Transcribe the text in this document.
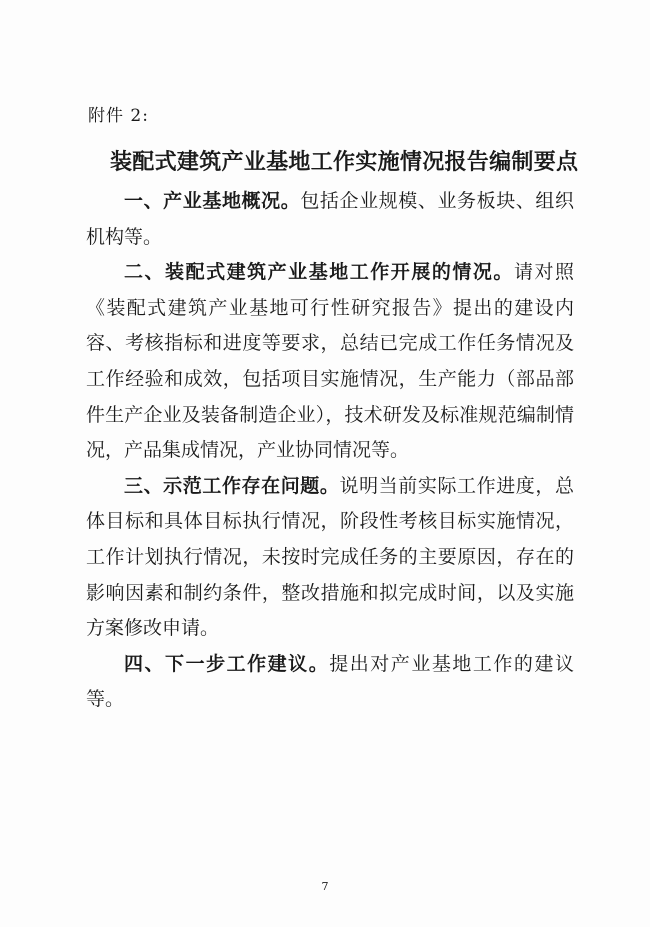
附件 2:
装配式建筑产业基地工作实施情况报告编制要点

一、产业基地概况。包括企业规模、业务板块、组织机构等。

二、装配式建筑产业基地工作开展的情况。请对照《装配式建筑产业基地可行性研究报告》提出的建设内容、考核指标和进度等要求，总结已完成工作任务情况及工作经验和成效，包括项目实施情况，生产能力（部品部件生产企业及装备制造企业），技术研发及标准规范编制情况，产品集成情况，产业协同情况等。

三、示范工作存在问题。说明当前实际工作进度，总体目标和具体目标执行情况，阶段性考核目标实施情况，工作计划执行情况，未按时完成任务的主要原因，存在的影响因素和制约条件，整改措施和拟完成时间，以及实施方案修改申请。

四、下一步工作建议。提出对产业基地工作的建议等。

7
